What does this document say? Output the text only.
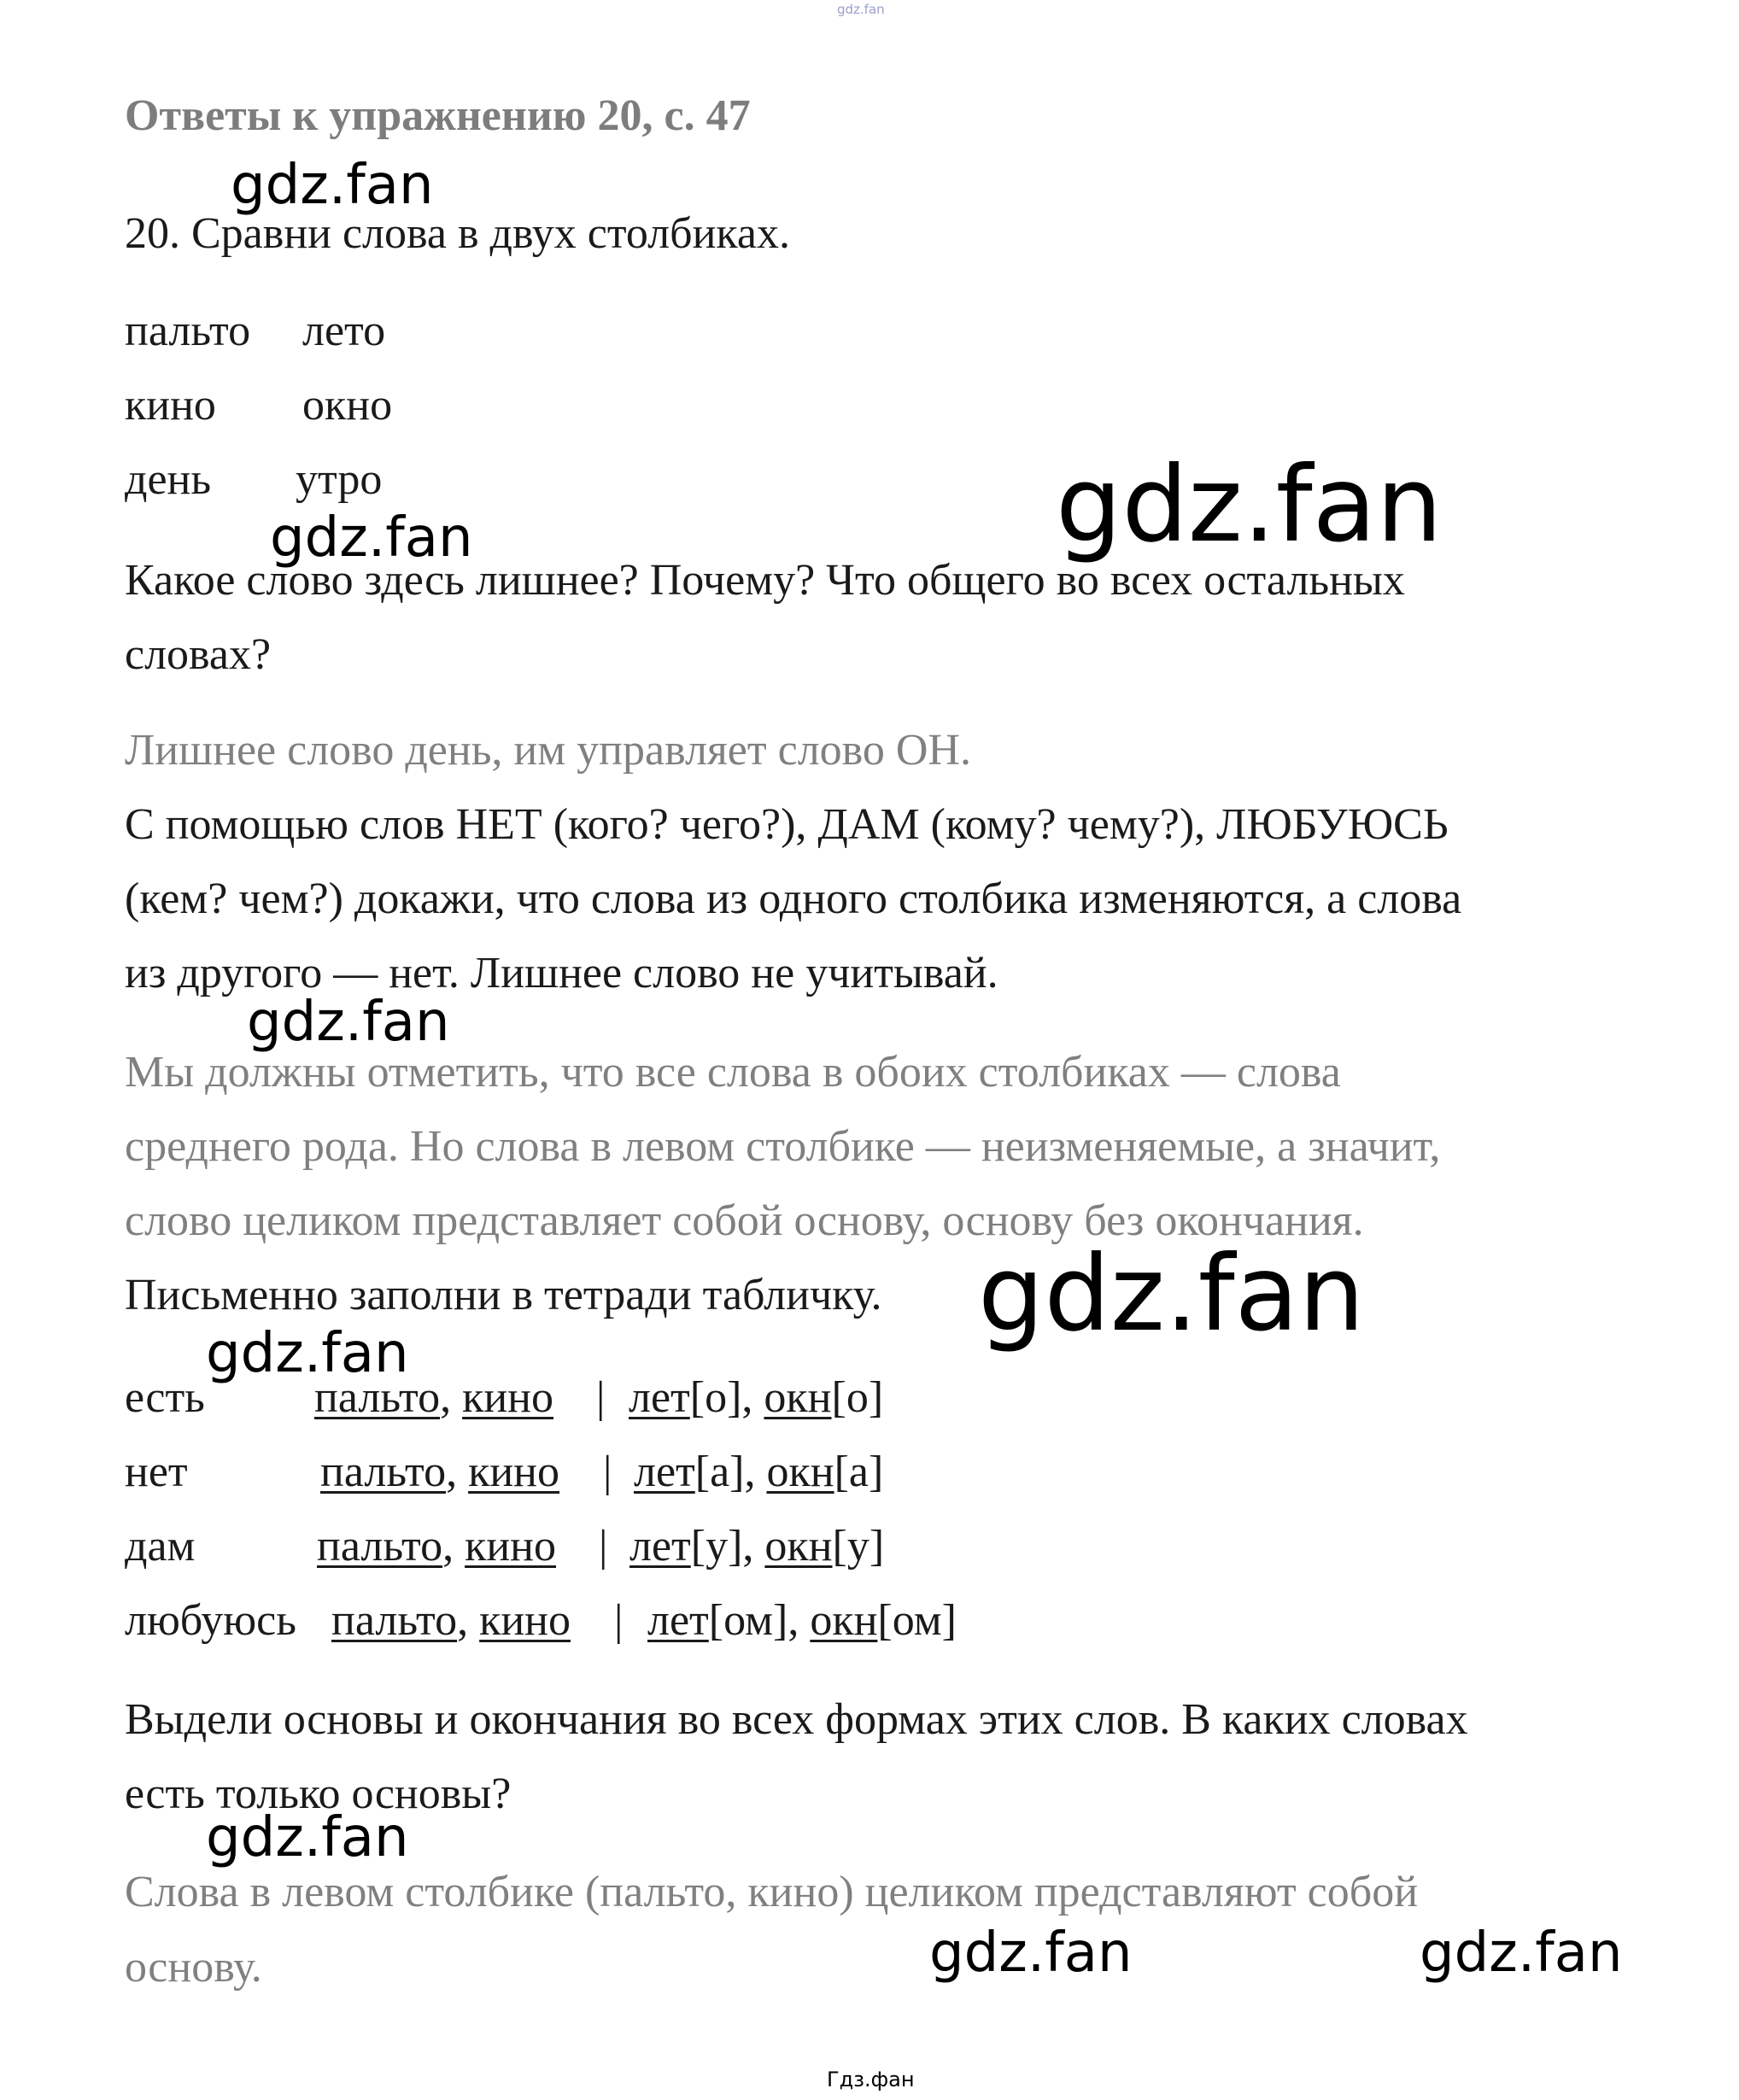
gdz.fan
Ответы к упражнению 20, с. 47
20. Сравни слова в двух столбиках.
пальто лето
кино окно
день утро
Какое слово здесь лишнее? Почему? Что общего во всех остальных
словах?
Лишнее слово день, им управляет слово ОН.
С помощью слов НЕТ (кого? чего?), ДАМ (кому? чему?), ЛЮБУЮСЬ
(кем? чем?) докажи, что слова из одного столбика изменяются, а слова
из другого — нет. Лишнее слово не учитывай.
Мы должны отметить, что все слова в обоих столбиках — слова
среднего рода. Но слова в левом столбике — неизменяемые, а значит,
слово целиком представляет собой основу, основу без окончания.
Письменно заполни в тетради табличку.
есть пальто, кино | лет[о], окн[о]
нет	пальто, кино | лет[а], окн[а]
дам	пальто, кино | лет[у], окн[у]
любуюсь пальто, кино | лет[ом], окн[ом]
Выдели основы и окончания во всех формах этих слов. В каких словах
есть только основы?
Слова в левом столбике (пальто, кино) целиком представляют собой
основу.
gdz.fan
gdz.fan
gdz.fan
gdz.fan
gdz.fan
gdz.fan
gdz.fan
gdz.fan	gdz.fan
Гдз.фан
